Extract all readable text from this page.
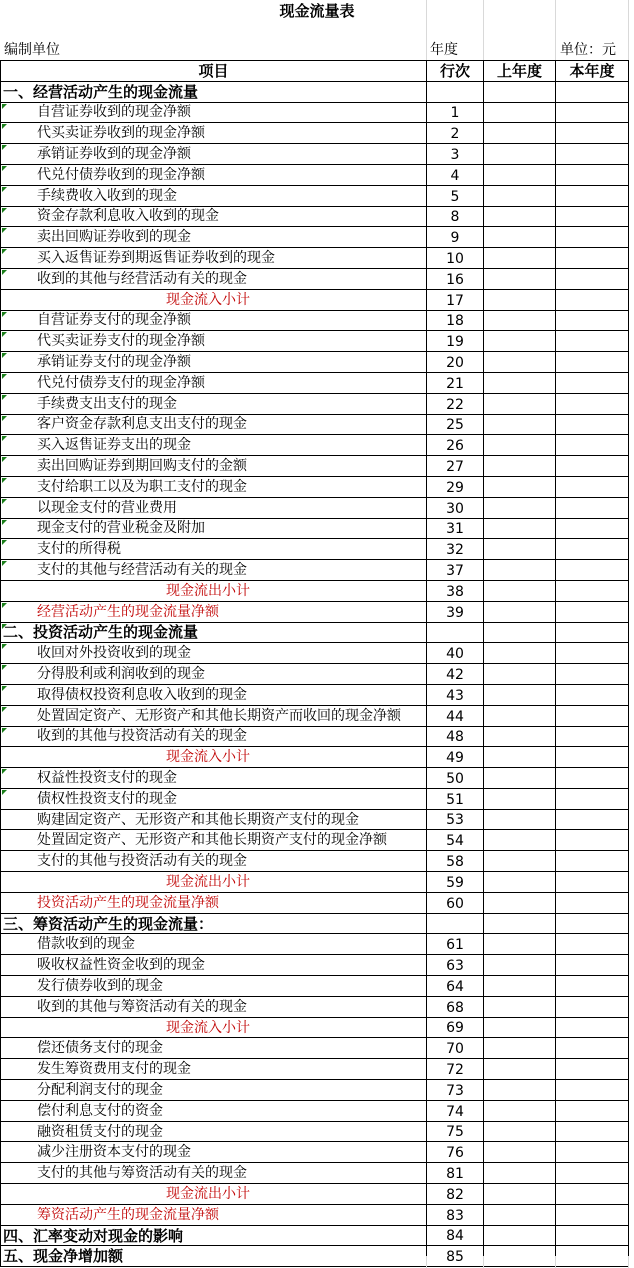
现金流量表
编制单位	年度	单位：元
项目	行次	上年度	本年度

一、经营活动产生的现金流量			

自营证券收到的现金净额	1		

代买卖证券收到的现金净额	2		

承销证券收到的现金净额	3		

代兑付债券收到的现金净额	4		

手续费收入收到的现金	5		

资金存款利息收入收到的现金	8		

卖出回购证券收到的现金	9		

买入返售证券到期返售证券收到的现金	10		

收到的其他与经营活动有关的现金	16		

现金流入小计	17		

自营证券支付的现金净额	18		

代买卖证券支付的现金净额	19		

承销证券支付的现金净额	20		

代兑付债券支付的现金净额	21		

手续费支出支付的现金	22		

客户资金存款利息支出支付的现金	25		

买入返售证券支出的现金	26		

卖出回购证券到期回购支付的金额	27		

支付给职工以及为职工支付的现金	29		

以现金支付的营业费用	30		

现金支付的营业税金及附加	31		

支付的所得税	32		

支付的其他与经营活动有关的现金	37		

现金流出小计	38		

经营活动产生的现金流量净额	39		

二、投资活动产生的现金流量			

收回对外投资收到的现金	40		

分得股利或利润收到的现金	42		

取得债权投资利息收入收到的现金	43		

处置固定资产、无形资产和其他长期资产而收回的现金净额	44		

收到的其他与投资活动有关的现金	48		

现金流入小计	49		

权益性投资支付的现金	50		

债权性投资支付的现金	51		

购建固定资产、无形资产和其他长期资产支付的现金	53		

处置固定资产、无形资产和其他长期资产支付的现金净额	54		

支付的其他与投资活动有关的现金	58		

现金流出小计	59		

投资活动产生的现金流量净额	60		

三、筹资活动产生的现金流量：			

借款收到的现金	61		

吸收权益性资金收到的现金	63		

发行债券收到的现金	64		

收到的其他与筹资活动有关的现金	68		

现金流入小计	69		

偿还债务支付的现金	70		

发生筹资费用支付的现金	72		

分配利润支付的现金	73		

偿付利息支付的资金	74		

融资租赁支付的现金	75		

减少注册资本支付的现金	76		

支付的其他与筹资活动有关的现金	81		

现金流出小计	82		

筹资活动产生的现金流量净额	83		

四、汇率变动对现金的影响	84		

五、现金净增加额	85		
